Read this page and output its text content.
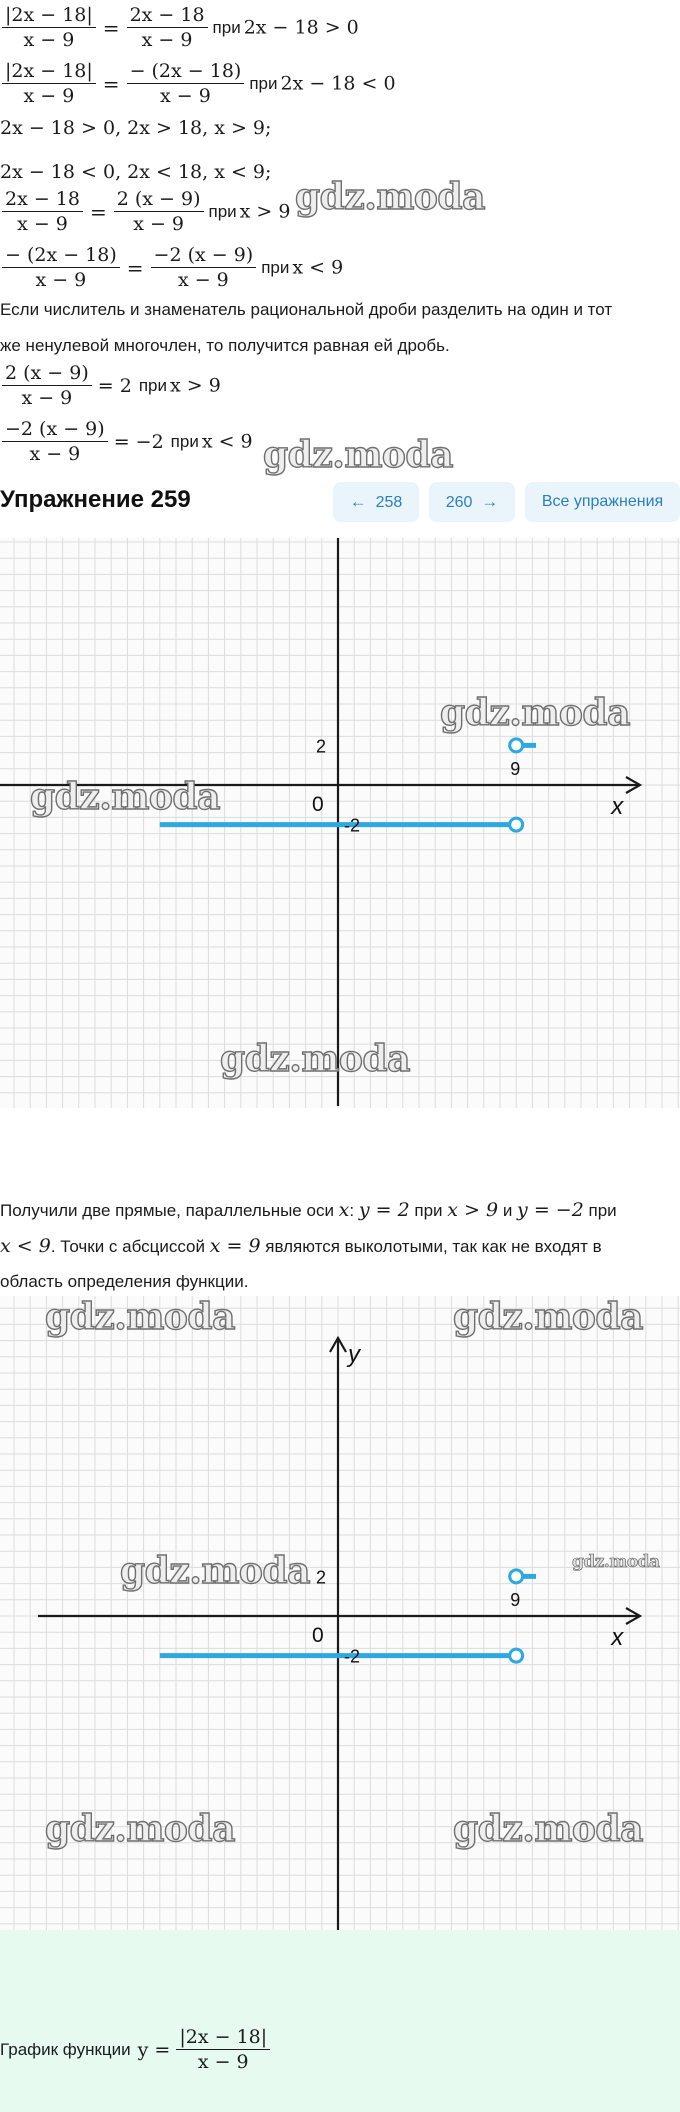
$\frac{|2x - 18|}{x - 9} = \frac{2x - 18}{x - 9}$ при 2x − 18 > 0
$\frac{|2x - 18|}{x - 9} = \frac{- (2x - 18)}{x - 9}$ при 2x − 18 < 0
2x − 18 > 0, 2x > 18, x > 9;
2x − 18 < 0, 2x < 18, x < 9;
$\frac{2x - 18}{x - 9} = \frac{2 (x - 9)}{x - 9}$ при x > 9
$\frac{- (2x - 18)}{x - 9} = \frac{-2 (x - 9)}{x - 9}$ при x < 9
Если числитель и знаменатель рациональной дроби разделить на один и тот
же ненулевой многочлен, то получится равная ей дробь.
$\frac{2 (x - 9)}{x - 9} = 2$ при x > 9
$\frac{-2 (x - 9)}{x - 9} = -2$ при x < 9
gdz.moda
gdz.moda
Упражнение 259	← 258	260 →	Все упражнения
x
0
2
-2
9
gdz.moda
gdz.moda
gdz.moda
Получили две прямые, параллельные оси x: y = 2 при x > 9 и y = −2 при
x < 9. Точки с абсциссой x = 9 являются выколотыми, так как не входят в
область определения функции.
x
y
0
2
-2
9
gdz.moda	gdz.moda
gdz.moda	gdz.moda
gdz.moda	gdz.moda
График функции $y = \frac{|2x - 18|}{x - 9}$
